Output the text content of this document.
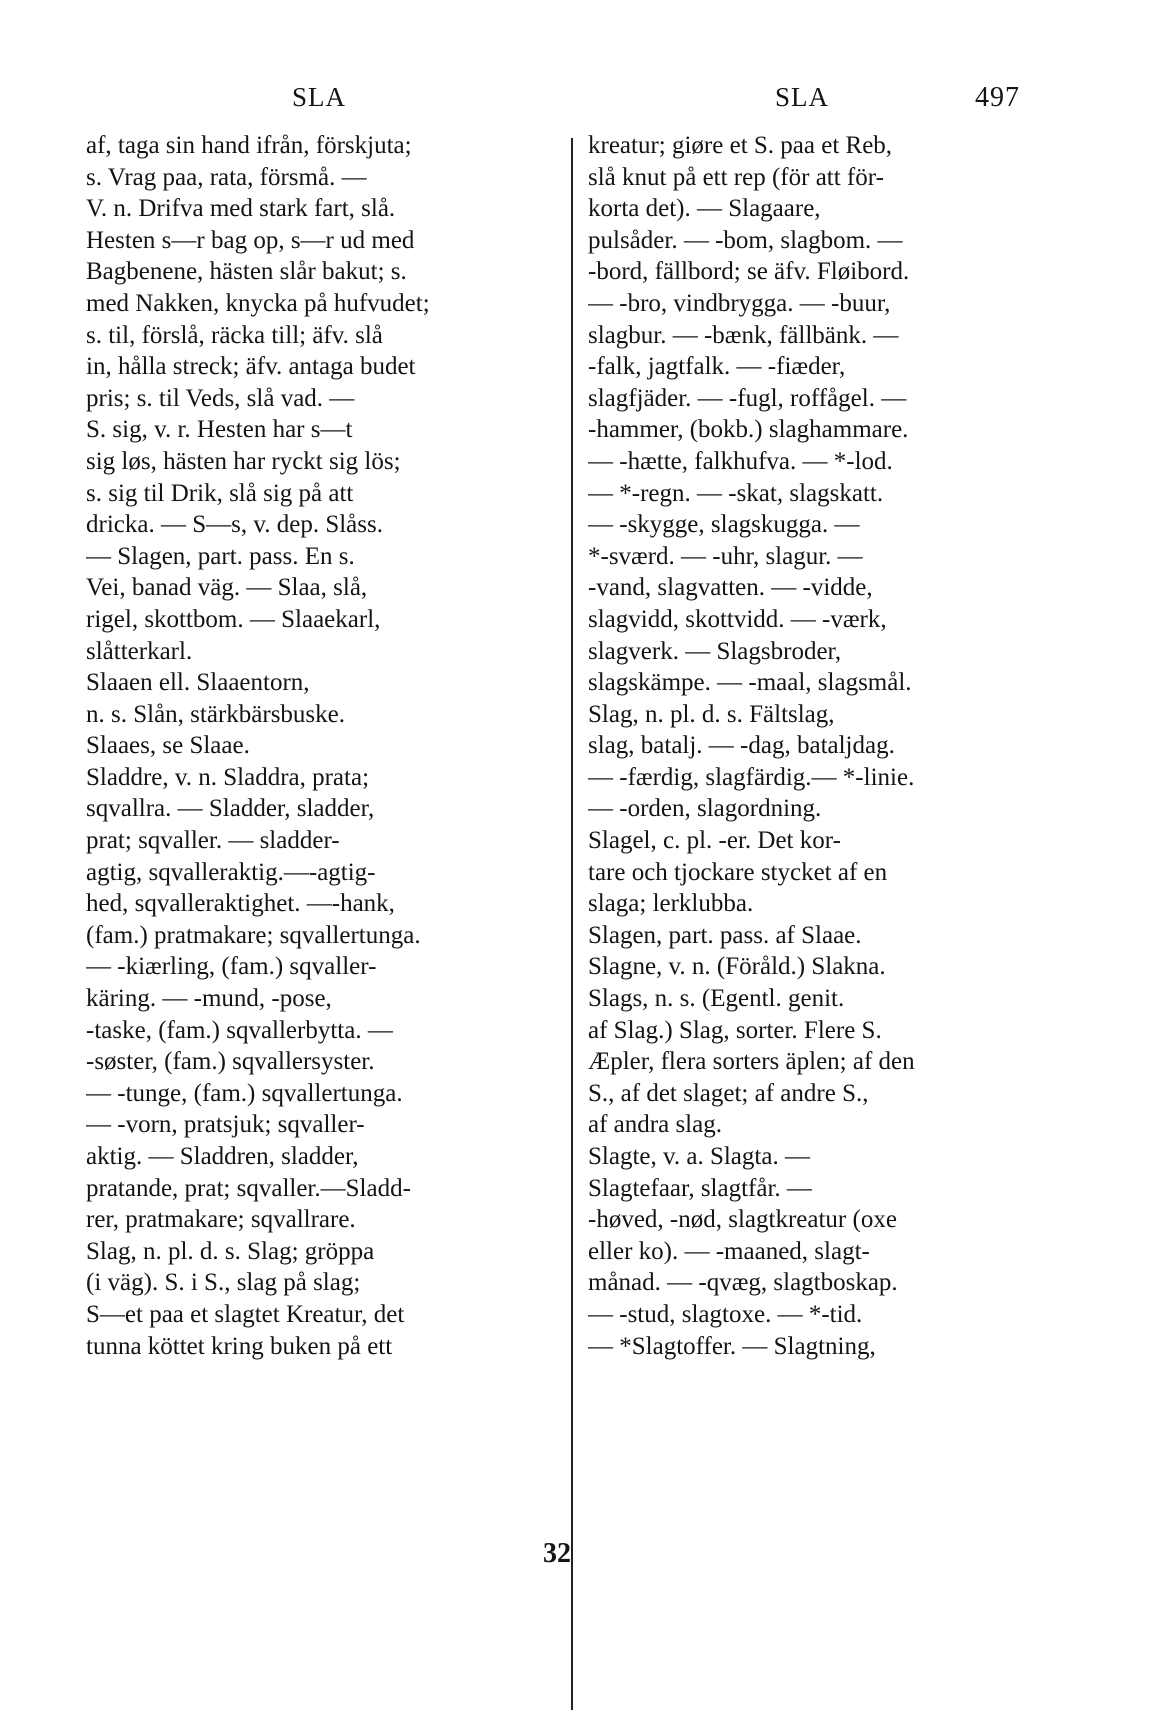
SLA	SLA	497
af, taga sin hand ifrån, förskjuta;
s. Vrag paa, rata, försmå. —
V. n. Drifva med stark fart, slå.
Hesten s—r bag op, s—r ud med
Bagbenene, hästen slår bakut; s.
med Nakken, knycka på hufvudet;
s. til, förslå, räcka till; äfv. slå
in, hålla streck; äfv. antaga budet
pris; s. til Veds, slå vad. —
S. sig, v. r. Hesten har s—t
sig løs, hästen har ryckt sig lös;
s. sig til Drik, slå sig på att
dricka. — S—s, v. dep. Slåss.
— Slagen, part. pass. En s.
Vei, banad väg. — Slaa, slå,
rigel, skottbom. — Slaaekarl,
slåtterkarl.
Slaaen ell. Slaaentorn,
n. s. Slån, stärkbärsbuske.
Slaaes, se Slaae.
Sladdre, v. n. Sladdra, prata;
sqvallra. — Sladder, sladder,
prat; sqvaller. — sladder-
agtig, sqvalleraktig.—-agtig-
hed, sqvalleraktighet. —-hank,
(fam.) pratmakare; sqvallertunga.
— -kiærling, (fam.) sqvaller-
käring. — -mund, -pose,
-taske, (fam.) sqvallerbytta. —
-søster, (fam.) sqvallersyster.
— -tunge, (fam.) sqvallertunga.
— -vorn, pratsjuk; sqvaller-
aktig. — Sladdren, sladder,
pratande, prat; sqvaller.—Sladd-
rer, pratmakare; sqvallrare.
Slag, n. pl. d. s. Slag; gröppa
(i väg). S. i S., slag på slag;
S—et paa et slagtet Kreatur, det
tunna köttet kring buken på ett
kreatur; giøre et S. paa et Reb,
slå knut på ett rep (för att för-
korta det). — Slagaare,
pulsåder. — -bom, slagbom. —
-bord, fällbord; se äfv. Fløibord.
— -bro, vindbrygga. — -buur,
slagbur. — -bænk, fällbänk. —
-falk, jagtfalk. — -fiæder,
slagfjäder. — -fugl, roffågel. —
-hammer, (bokb.) slaghammare.
— -hætte, falkhufva. — *-lod.
— *-regn. — -skat, slagskatt.
— -skygge, slagskugga. —
*-sværd. — -uhr, slagur. —
-vand, slagvatten. — -vidde,
slagvidd, skottvidd. — -værk,
slagverk. — Slagsbroder,
slagskämpe. — -maal, slagsmål.
Slag, n. pl. d. s. Fältslag,
slag, batalj. — -dag, bataljdag.
— -færdig, slagfärdig.— *-linie.
— -orden, slagordning.
Slagel, c. pl. -er. Det kor-
tare och tjockare stycket af en
slaga; lerklubba.
Slagen, part. pass. af Slaae.
Slagne, v. n. (Föråld.) Slakna.
Slags, n. s. (Egentl. genit.
af Slag.) Slag, sorter. Flere S.
Æpler, flera sorters äplen; af den
S., af det slaget; af andre S.,
af andra slag.
Slagte, v. a. Slagta. —
Slagtefaar, slagtfår. —
-høved, -nød, slagtkreatur (oxe
eller ko). — -maaned, slagt-
månad. — -qvæg, slagtboskap.
— -stud, slagtoxe. — *-tid.
— *Slagtoffer. — Slagtning,
32
